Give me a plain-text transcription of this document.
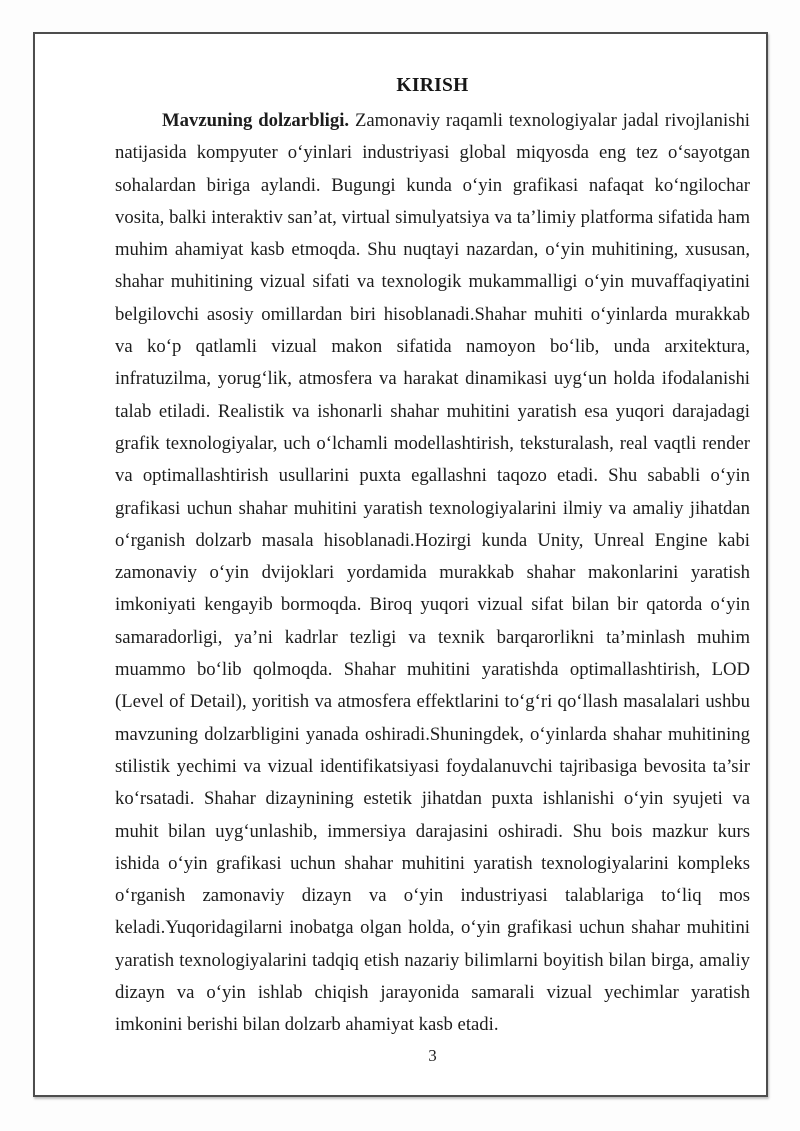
KIRISH
Mavzuning dolzarbligi. Zamonaviy raqamli texnologiyalar jadal rivojlanishi
natijasida kompyuter o‘yinlari industriyasi global miqyosda eng tez o‘sayotgan
sohalardan biriga aylandi. Bugungi kunda o‘yin grafikasi nafaqat ko‘ngilochar
vosita, balki interaktiv san’at, virtual simulyatsiya va ta’limiy platforma sifatida ham
muhim ahamiyat kasb etmoqda. Shu nuqtayi nazardan, o‘yin muhitining, xususan,
shahar muhitining vizual sifati va texnologik mukammalligi o‘yin muvaffaqiyatini
belgilovchi asosiy omillardan biri hisoblanadi.Shahar muhiti o‘yinlarda murakkab
va ko‘p qatlamli vizual makon sifatida namoyon bo‘lib, unda arxitektura,
infratuzilma, yorug‘lik, atmosfera va harakat dinamikasi uyg‘un holda ifodalanishi
talab etiladi. Realistik va ishonarli shahar muhitini yaratish esa yuqori darajadagi
grafik texnologiyalar, uch o‘lchamli modellashtirish, teksturalash, real vaqtli render
va optimallashtirish usullarini puxta egallashni taqozo etadi. Shu sababli o‘yin
grafikasi uchun shahar muhitini yaratish texnologiyalarini ilmiy va amaliy jihatdan
o‘rganish dolzarb masala hisoblanadi.Hozirgi kunda Unity, Unreal Engine kabi
zamonaviy o‘yin dvijoklari yordamida murakkab shahar makonlarini yaratish
imkoniyati kengayib bormoqda. Biroq yuqori vizual sifat bilan bir qatorda o‘yin
samaradorligi, ya’ni kadrlar tezligi va texnik barqarorlikni ta’minlash muhim
muammo bo‘lib qolmoqda. Shahar muhitini yaratishda optimallashtirish, LOD
(Level of Detail), yoritish va atmosfera effektlarini to‘g‘ri qo‘llash masalalari ushbu
mavzuning dolzarbligini yanada oshiradi.Shuningdek, o‘yinlarda shahar muhitining
stilistik yechimi va vizual identifikatsiyasi foydalanuvchi tajribasiga bevosita ta’sir
ko‘rsatadi. Shahar dizaynining estetik jihatdan puxta ishlanishi o‘yin syujeti va
muhit bilan uyg‘unlashib, immersiya darajasini oshiradi. Shu bois mazkur kurs
ishida o‘yin grafikasi uchun shahar muhitini yaratish texnologiyalarini kompleks
o‘rganish zamonaviy dizayn va o‘yin industriyasi talablariga to‘liq mos
keladi.Yuqoridagilarni inobatga olgan holda, o‘yin grafikasi uchun shahar muhitini
yaratish texnologiyalarini tadqiq etish nazariy bilimlarni boyitish bilan birga, amaliy
dizayn va o‘yin ishlab chiqish jarayonida samarali vizual yechimlar yaratish
imkonini berishi bilan dolzarb ahamiyat kasb etadi.
3
